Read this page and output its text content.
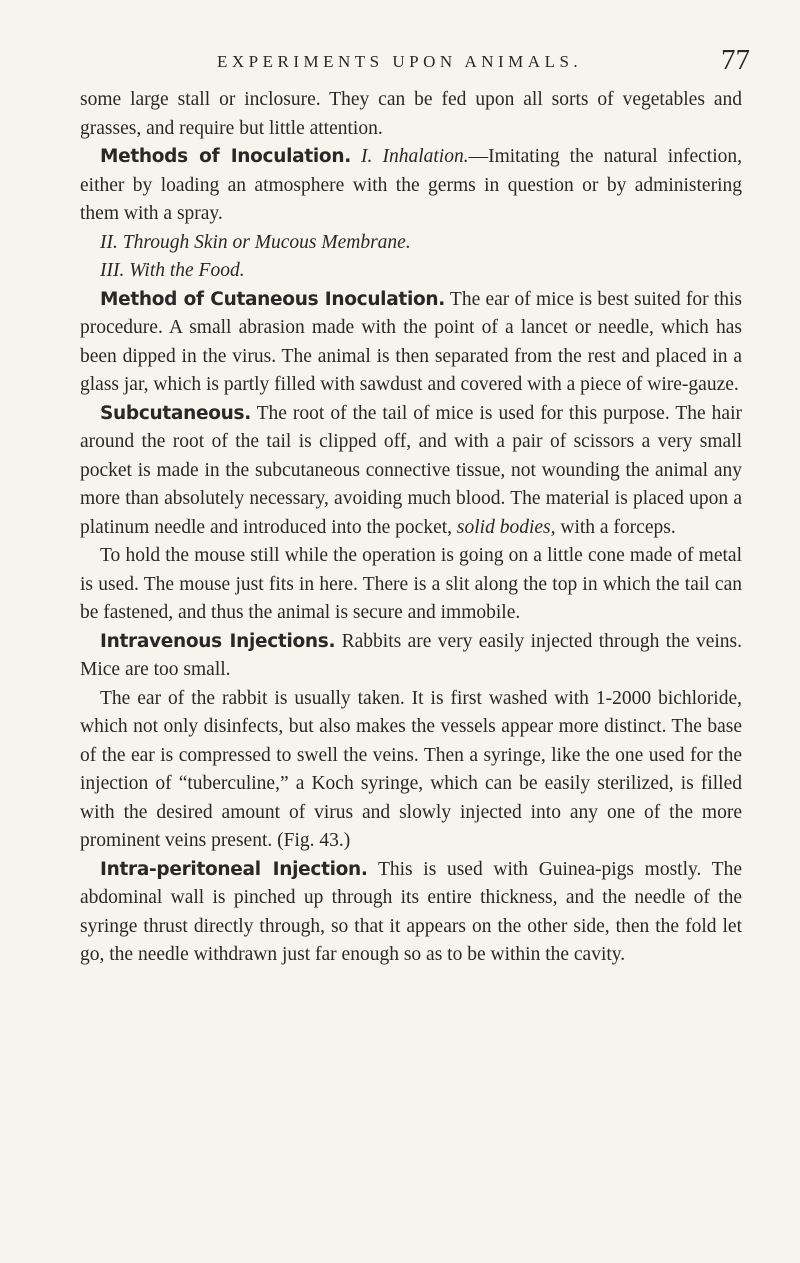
EXPERIMENTS UPON ANIMALS.	77

some large stall or inclosure. They can be fed upon all sorts of vegetables and grasses, and require but little attention.

Methods of Inoculation. I. Inhalation.—Imitating the natural infection, either by loading an atmosphere with the germs in question or by administering them with a spray.

II. Through Skin or Mucous Membrane.

III. With the Food.

Method of Cutaneous Inoculation. The ear of mice is best suited for this procedure. A small abrasion made with the point of a lancet or needle, which has been dipped in the virus. The animal is then separated from the rest and placed in a glass jar, which is partly filled with sawdust and covered with a piece of wire-gauze.

Subcutaneous. The root of the tail of mice is used for this purpose. The hair around the root of the tail is clipped off, and with a pair of scissors a very small pocket is made in the subcutaneous connective tissue, not wounding the animal any more than absolutely necessary, avoiding much blood. The material is placed upon a platinum needle and introduced into the pocket, solid bodies, with a forceps.

To hold the mouse still while the operation is going on a little cone made of metal is used. The mouse just fits in here. There is a slit along the top in which the tail can be fastened, and thus the animal is secure and immobile.

Intravenous Injections. Rabbits are very easily injected through the veins. Mice are too small.

The ear of the rabbit is usually taken. It is first washed with 1-2000 bichloride, which not only disinfects, but also makes the vessels appear more distinct. The base of the ear is compressed to swell the veins. Then a syringe, like the one used for the injection of “tuberculine,” a Koch syringe, which can be easily sterilized, is filled with the desired amount of virus and slowly injected into any one of the more prominent veins present. (Fig. 43.)

Intra-peritoneal Injection. This is used with Guinea-pigs mostly. The abdominal wall is pinched up through its entire thickness, and the needle of the syringe thrust directly through, so that it appears on the other side, then the fold let go, the needle withdrawn just far enough so as to be within the cavity.
